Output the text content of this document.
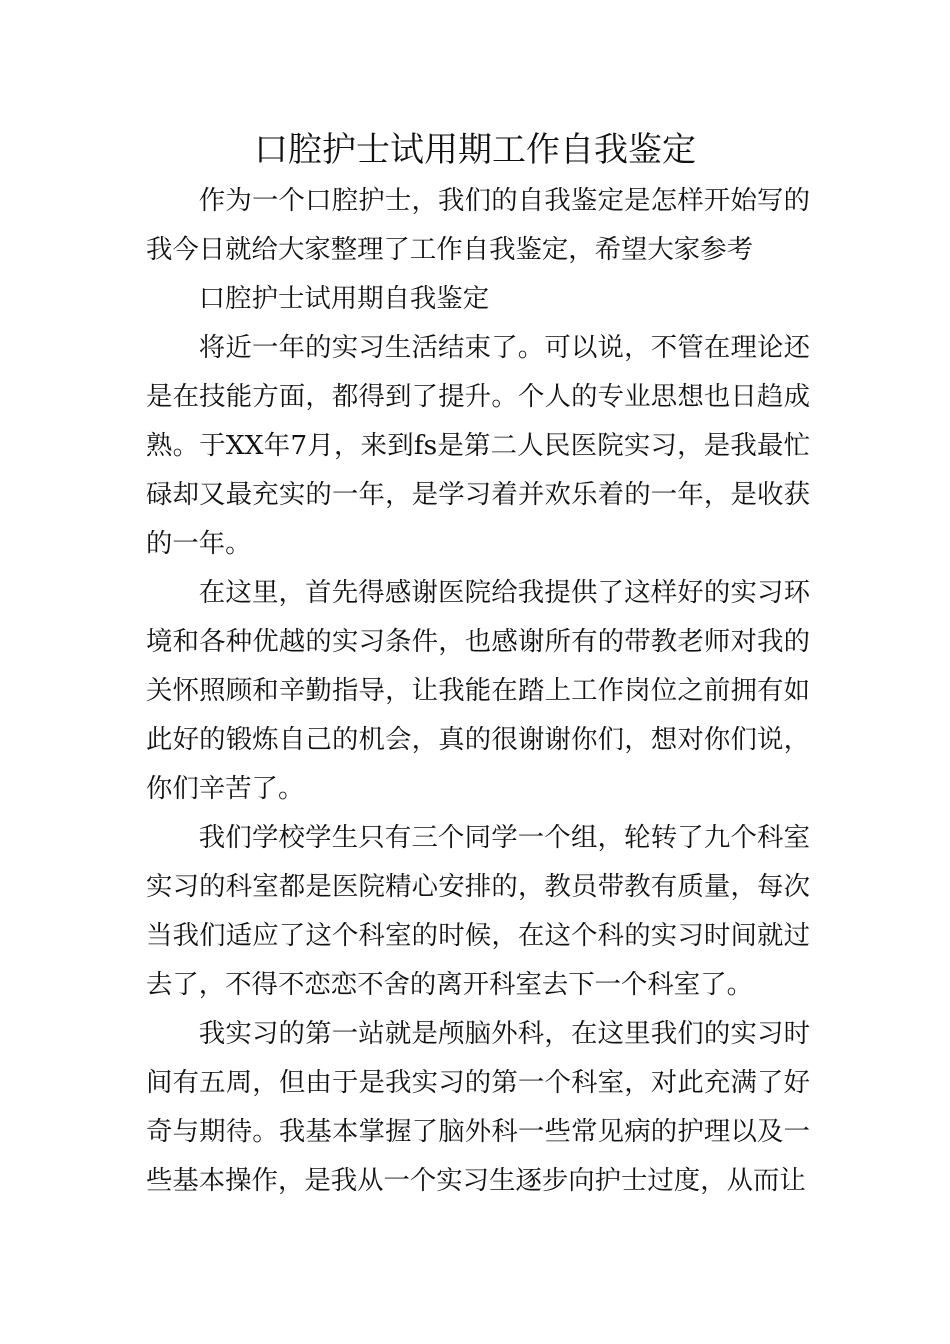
口腔护士试用期工作自我鉴定

作为一个口腔护士，我们的自我鉴定是怎样开始写的我今日就给大家整理了工作自我鉴定，希望大家参考

口腔护士试用期自我鉴定

将近一年的实习生活结束了。可以说，不管在理论还是在技能方面，都得到了提升。个人的专业思想也日趋成熟。于XX年7月，来到fs是第二人民医院实习，是我最忙碌却又最充实的一年，是学习着并欢乐着的一年，是收获的一年。

在这里，首先得感谢医院给我提供了这样好的实习环境和各种优越的实习条件，也感谢所有的带教老师对我的关怀照顾和辛勤指导，让我能在踏上工作岗位之前拥有如此好的锻炼自己的机会，真的很谢谢你们，想对你们说，你们辛苦了。

我们学校学生只有三个同学一个组，轮转了九个科室实习的科室都是医院精心安排的，教员带教有质量，每次当我们适应了这个科室的时候，在这个科的实习时间就过去了，不得不恋恋不舍的离开科室去下一个科室了。

我实习的第一站就是颅脑外科，在这里我们的实习时间有五周，但由于是我实习的第一个科室，对此充满了好奇与期待。我基本掌握了脑外科一些常见病的护理以及一些基本操作，是我从一个实习生逐步向护士过度，从而让
